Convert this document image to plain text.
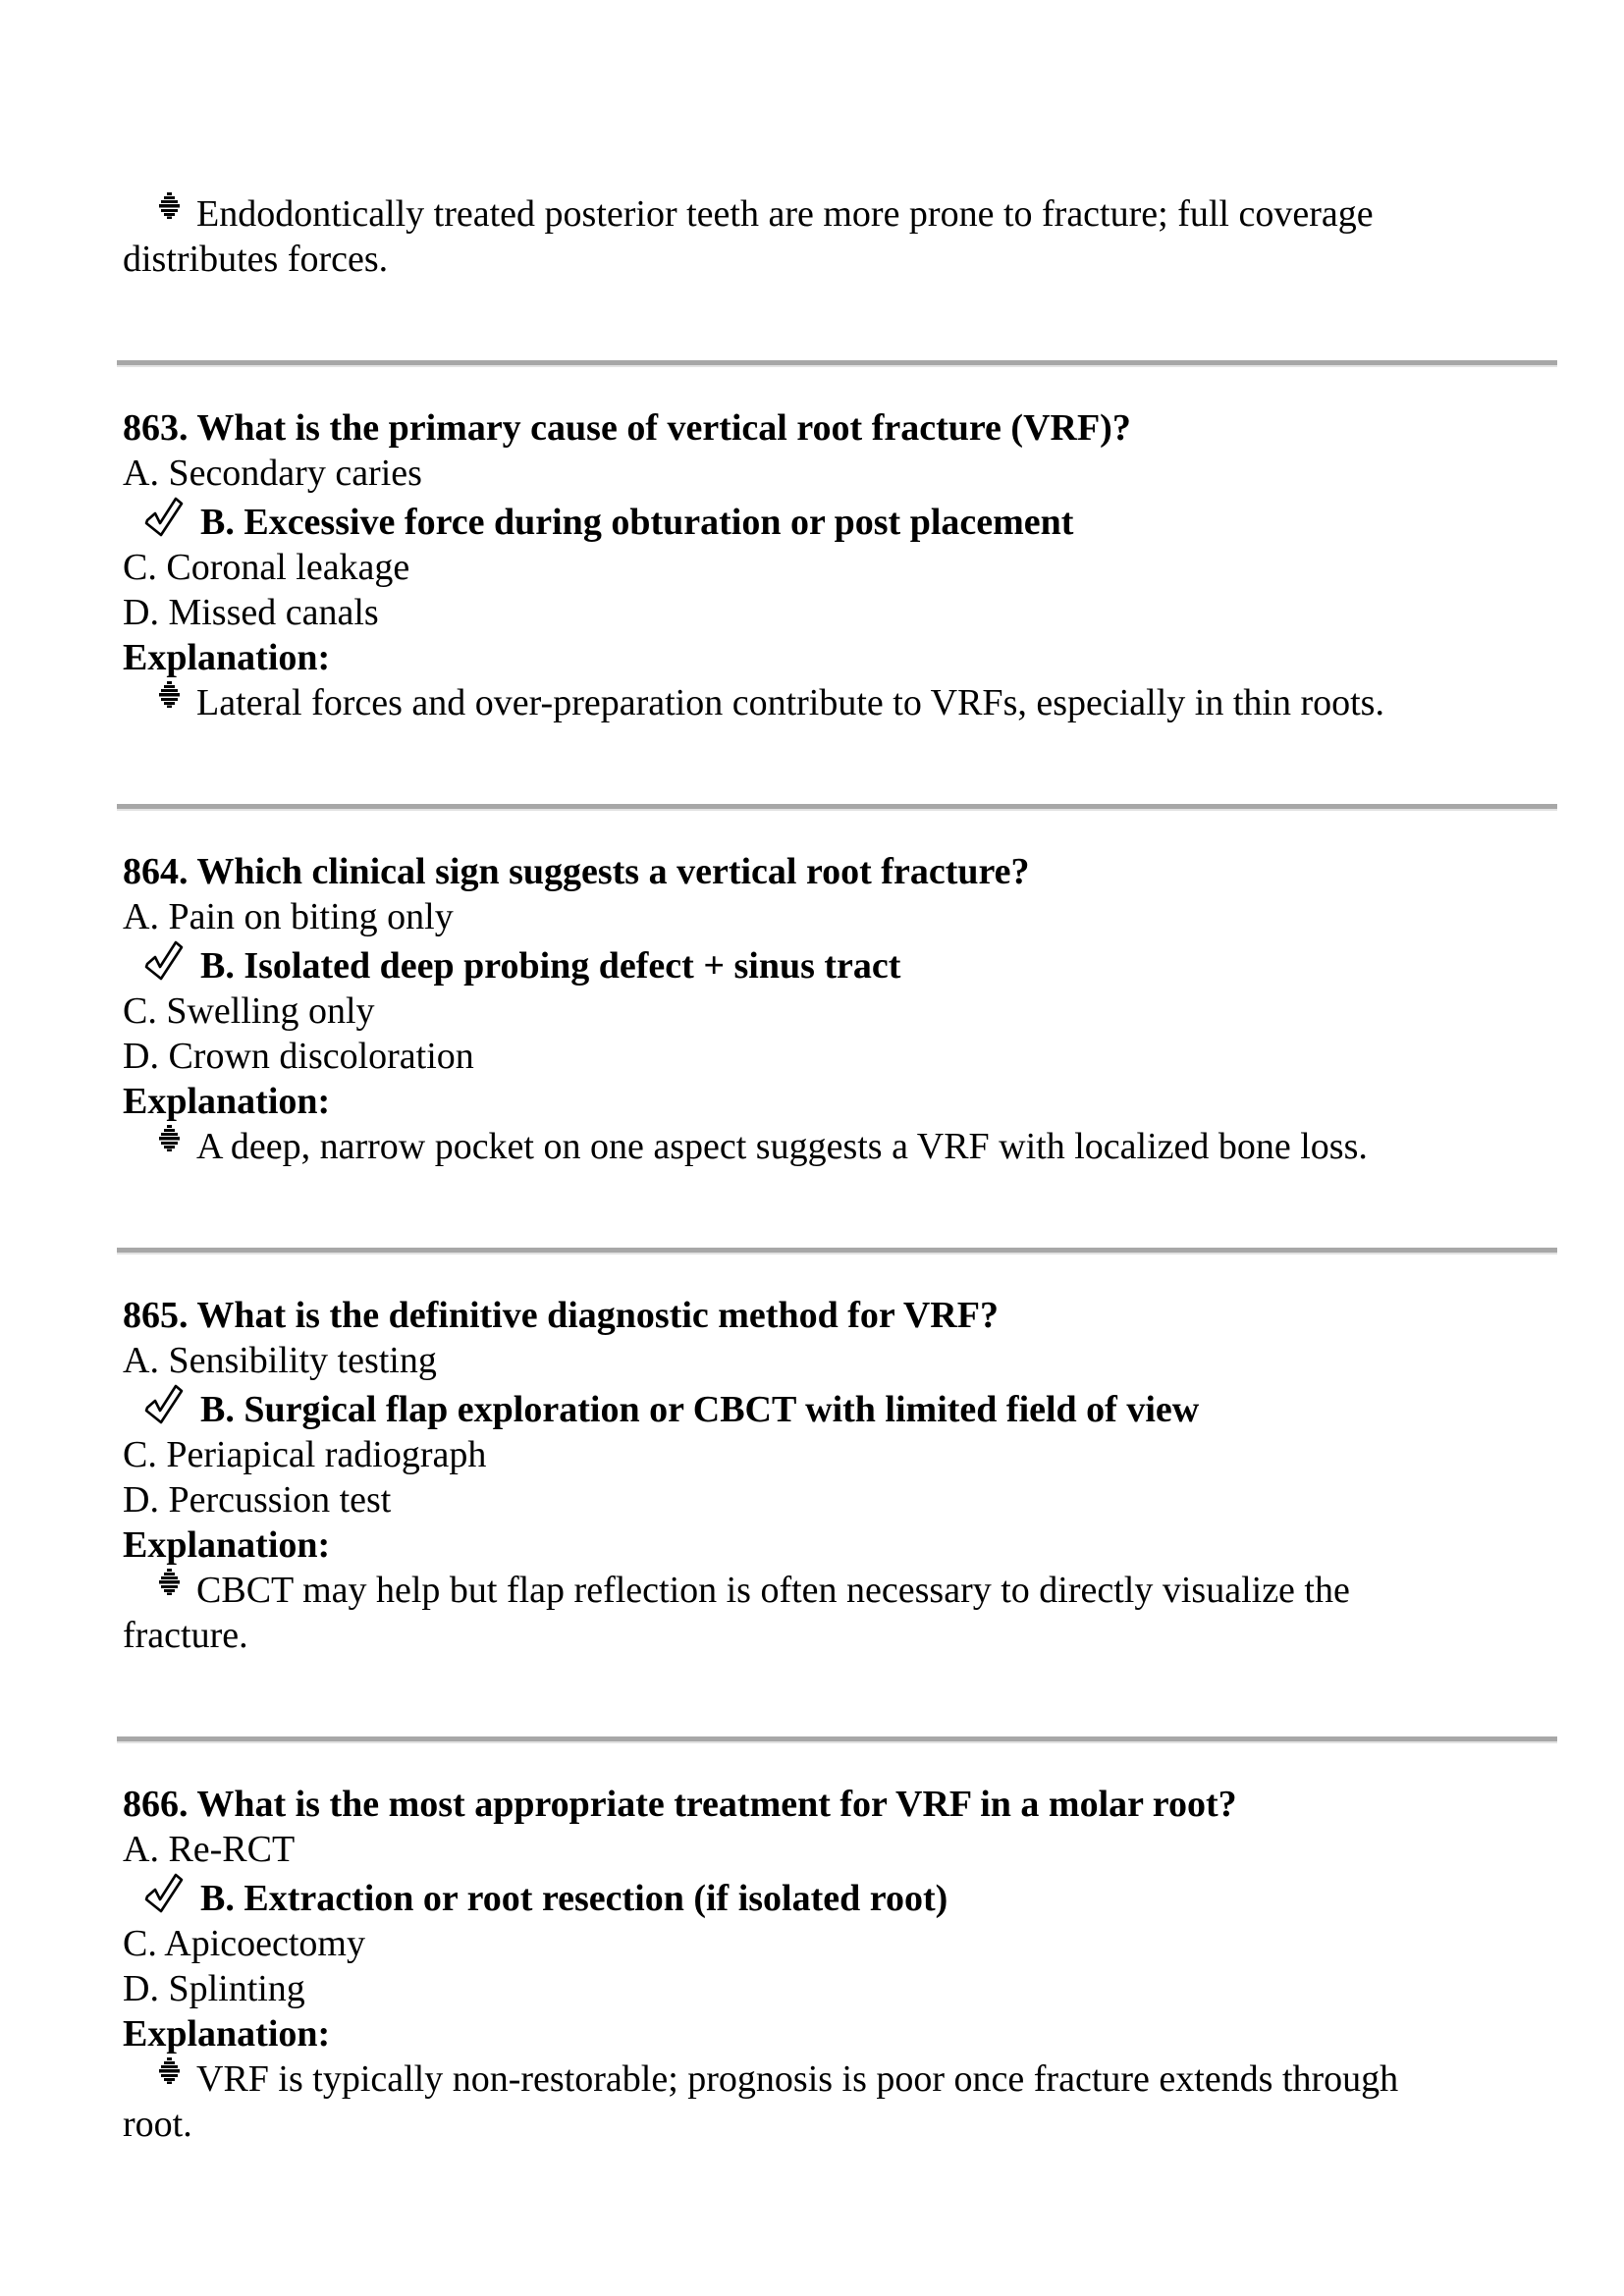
Endodontically treated posterior teeth are more prone to fracture; full coverage
distributes forces.

863. What is the primary cause of vertical root fracture (VRF)?

A. Secondary caries

B. Excessive force during obturation or post placement

C. Coronal leakage

D. Missed canals

Explanation:

Lateral forces and over-preparation contribute to VRFs, especially in thin roots.

864. Which clinical sign suggests a vertical root fracture?

A. Pain on biting only

B. Isolated deep probing defect + sinus tract

C. Swelling only

D. Crown discoloration

Explanation:

A deep, narrow pocket on one aspect suggests a VRF with localized bone loss.

865. What is the definitive diagnostic method for VRF?

A. Sensibility testing

B. Surgical flap exploration or CBCT with limited field of view

C. Periapical radiograph

D. Percussion test

Explanation:

CBCT may help but flap reflection is often necessary to directly visualize the
fracture.

866. What is the most appropriate treatment for VRF in a molar root?

A. Re-RCT

B. Extraction or root resection (if isolated root)

C. Apicoectomy

D. Splinting

Explanation:

VRF is typically non-restorable; prognosis is poor once fracture extends through
root.
